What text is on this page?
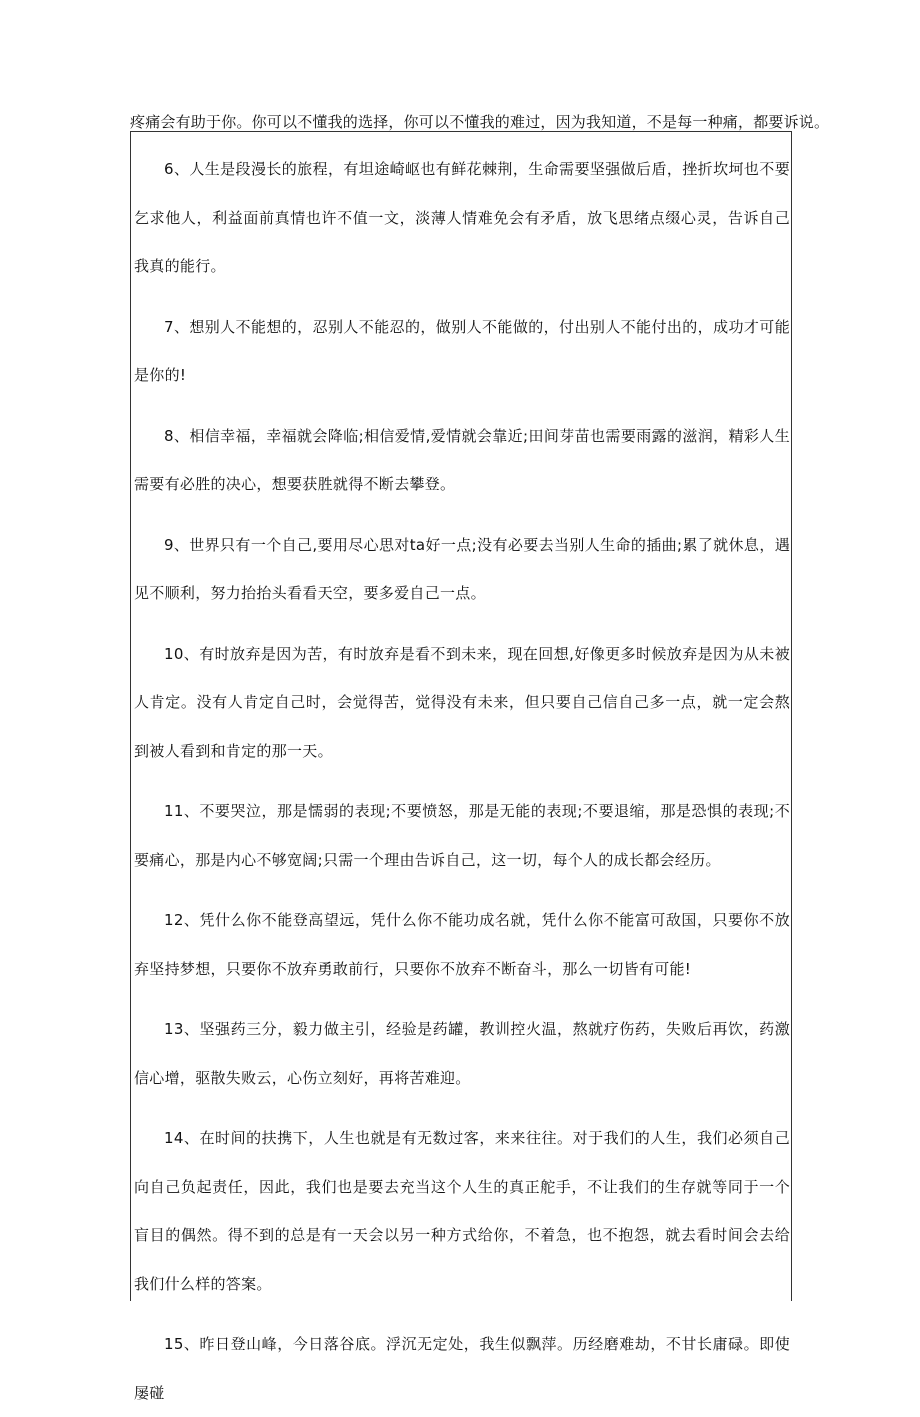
疼痛会有助于你。你可以不懂我的选择，你可以不懂我的难过，因为我知道，不是每一种痛，都要诉说。

6、人生是段漫长的旅程，有坦途崎岖也有鲜花棘荆，生命需要坚强做后盾，挫折坎坷也不要乞求他人，利益面前真情也许不值一文，淡薄人情难免会有矛盾，放飞思绪点缀心灵，告诉自己我真的能行。

7、想别人不能想的，忍别人不能忍的，做别人不能做的，付出别人不能付出的，成功才可能是你的!

8、相信幸福，幸福就会降临;相信爱情,爱情就会靠近;田间芽苗也需要雨露的滋润，精彩人生需要有必胜的决心，想要获胜就得不断去攀登。

9、世界只有一个自己,要用尽心思对ta好一点;没有必要去当别人生命的插曲;累了就休息，遇见不顺利，努力抬抬头看看天空，要多爱自己一点。

10、有时放弃是因为苦，有时放弃是看不到未来，现在回想,好像更多时候放弃是因为从未被人肯定。没有人肯定自己时，会觉得苦，觉得没有未来，但只要自己信自己多一点，就一定会熬到被人看到和肯定的那一天。

11、不要哭泣，那是懦弱的表现;不要愤怒，那是无能的表现;不要退缩，那是恐惧的表现;不要痛心，那是内心不够宽阔;只需一个理由告诉自己，这一切，每个人的成长都会经历。

12、凭什么你不能登高望远，凭什么你不能功成名就，凭什么你不能富可敌国，只要你不放弃坚持梦想，只要你不放弃勇敢前行，只要你不放弃不断奋斗，那么一切皆有可能!

13、坚强药三分，毅力做主引，经验是药罐，教训控火温，熬就疗伤药，失败后再饮，药激信心增，驱散失败云，心伤立刻好，再将苦难迎。

14、在时间的扶携下，人生也就是有无数过客，来来往往。对于我们的人生，我们必须自己向自己负起责任，因此，我们也是要去充当这个人生的真正舵手，不让我们的生存就等同于一个盲目的偶然。得不到的总是有一天会以另一种方式给你，不着急，也不抱怨，就去看时间会去给我们什么样的答案。

15、昨日登山峰，今日落谷底。浮沉无定处，我生似飘萍。历经磨难劫，不甘长庸碌。即使屡碰
